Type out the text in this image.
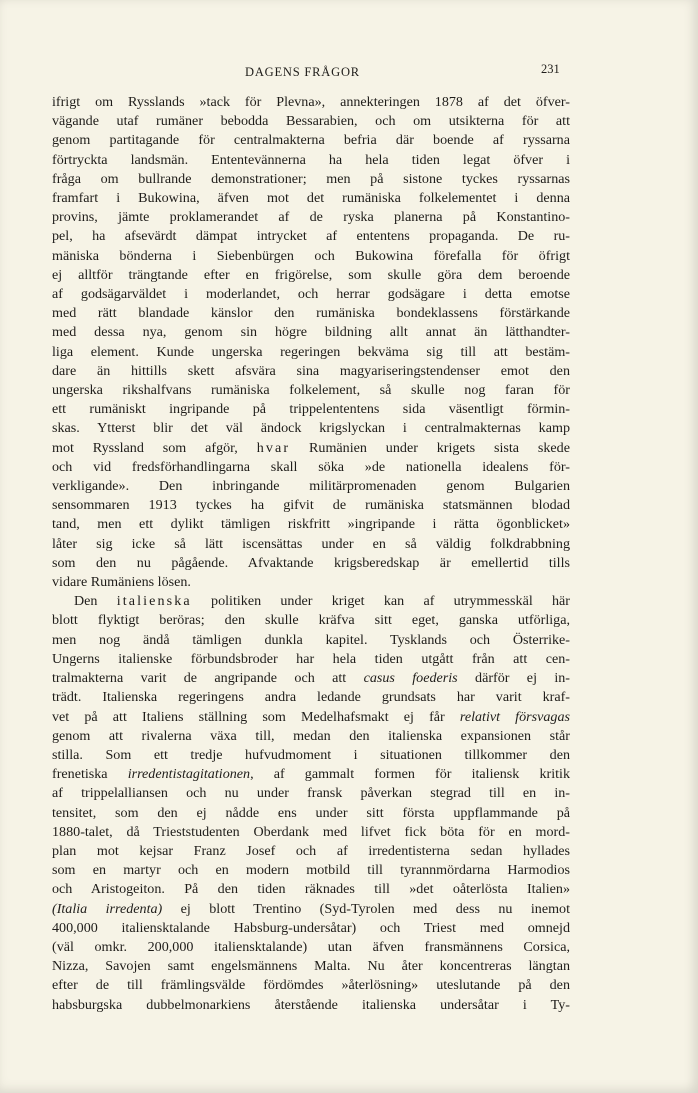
DAGENS FRÅGOR	231
ifrigt om Rysslands »tack för Plevna», annekteringen 1878 af det öfver-
vägande utaf rumäner bebodda Bessarabien, och om utsikterna för att
genom partitagande för centralmakterna befria där boende af ryssarna
förtryckta landsmän. Ententevännerna ha hela tiden legat öfver i
fråga om bullrande demonstrationer; men på sistone tyckes ryssarnas
framfart i Bukowina, äfven mot det rumäniska folkelementet i denna
provins, jämte proklamerandet af de ryska planerna på Konstantino-
pel, ha afsevärdt dämpat intrycket af ententens propaganda. De ru-
mäniska bönderna i Siebenbürgen och Bukowina förefalla för öfrigt
ej alltför trängtande efter en frigörelse, som skulle göra dem beroende
af godsägarväldet i moderlandet, och herrar godsägare i detta emotse
med rätt blandade känslor den rumäniska bondeklassens förstärkande
med dessa nya, genom sin högre bildning allt annat än lätthandter-
liga element. Kunde ungerska regeringen bekväma sig till att bestäm-
dare än hittills skett afsvära sina magyariseringstendenser emot den
ungerska rikshalfvans rumäniska folkelement, så skulle nog faran för
ett rumäniskt ingripande på trippelententens sida väsentligt förmin-
skas. Ytterst blir det väl ändock krigslyckan i centralmakternas kamp
mot Ryssland som afgör, hvar Rumänien under krigets sista skede
och vid fredsförhandlingarna skall söka »de nationella idealens för-
verkligande». Den inbringande militärpromenaden genom Bulgarien
sensommaren 1913 tyckes ha gifvit de rumäniska statsmännen blodad
tand, men ett dylikt tämligen riskfritt »ingripande i rätta ögonblicket»
låter sig icke så lätt iscensättas under en så väldig folkdrabbning
som den nu pågående. Afvaktande krigsberedskap är emellertid tills
vidare Rumäniens lösen.
Den italienska politiken under kriget kan af utrymmesskäl här
blott flyktigt beröras; den skulle kräfva sitt eget, ganska utförliga,
men nog ändå tämligen dunkla kapitel. Tysklands och Österrike-
Ungerns italienske förbundsbroder har hela tiden utgått från att cen-
tralmakterna varit de angripande och att casus foederis därför ej in-
trädt. Italienska regeringens andra ledande grundsats har varit kraf-
vet på att Italiens ställning som Medelhafsmakt ej får relativt försvagas
genom att rivalerna växa till, medan den italienska expansionen står
stilla. Som ett tredje hufvudmoment i situationen tillkommer den
frenetiska irredentistagitationen, af gammalt formen för italiensk kritik
af trippelalliansen och nu under fransk påverkan stegrad till en in-
tensitet, som den ej nådde ens under sitt första uppflammande på
1880-talet, då Trieststudenten Oberdank med lifvet fick böta för en mord-
plan mot kejsar Franz Josef och af irredentisterna sedan hyllades
som en martyr och en modern motbild till tyrannmördarna Harmodios
och Aristogeiton. På den tiden räknades till »det oåterlösta Italien»
(Italia irredenta) ej blott Trentino (Syd-Tyrolen med dess nu inemot
400,000 italiensktalande Habsburg-undersåtar) och Triest med omnejd
(väl omkr. 200,000 italiensktalande) utan äfven fransmännens Corsica,
Nizza, Savojen samt engelsmännens Malta. Nu åter koncentreras längtan
efter de till främlingsvälde fördömdes »återlösning» uteslutande på den
habsburgska dubbelmonarkiens återstående italienska undersåtar i Ty-
